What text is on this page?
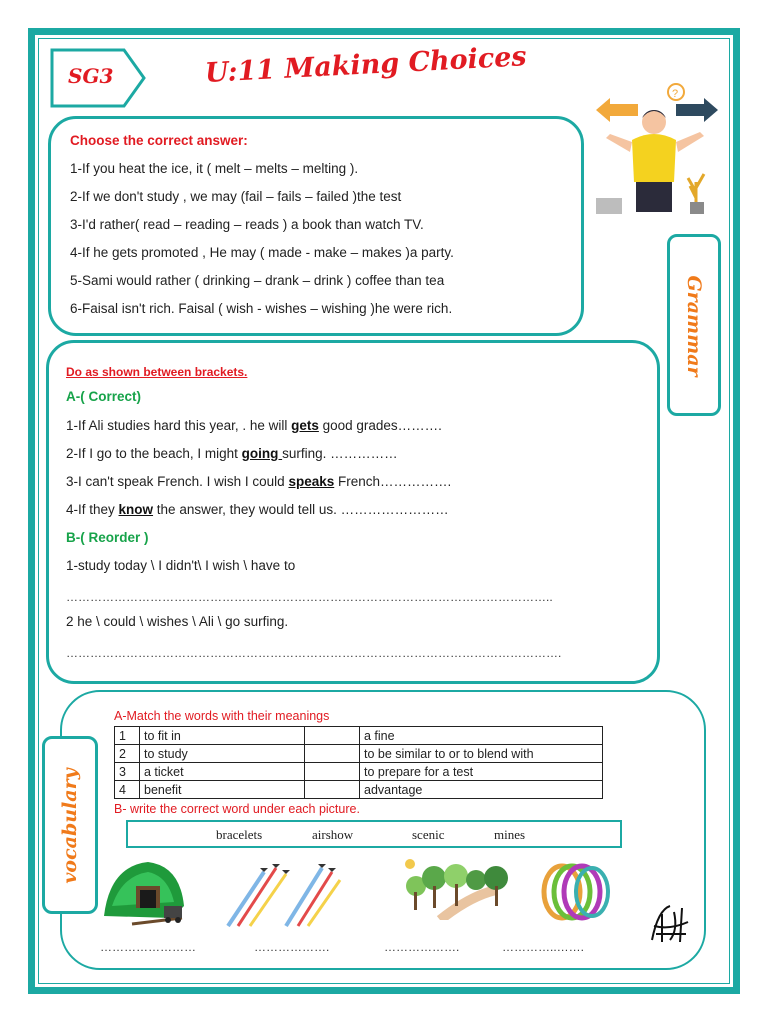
SG3	U:11 Making Choices
?
Grammar
Choose the correct answer:
1-If you heat the ice, it ( melt – melts – melting ).
2-If we don't study , we may (fail – fails – failed )the test
3-I'd rather( read – reading – reads ) a book than watch TV.
4-If he gets promoted , He may ( made - make – makes )a party.
5-Sami would rather ( drinking – drank – drink ) coffee than tea
6-Faisal isn't rich. Faisal ( wish - wishes – wishing )he were rich.
Do as shown between brackets.
A-( Correct)
1-If Ali studies hard this year, . he will gets good grades……….
2-If I go to the beach, I might going surfing. ……………
3-I can't speak French. I wish I could speaks French…………….
4-If they know the answer, they would tell us. ……………………
B-( Reorder )
1-study today \ I didn't\ I wish \ have to
…………………………………………………………………………………………………………..
2 he \ could \ wishes \ Ali \ go surfing.
…………………………………………………………………………………………………………….
vocabulary
A-Match the words with their meanings
1	to fit in		a fine
2	to study		to be similar to or to blend with
3	a ticket		to prepare for a test
4	benefit		advantage
B- write the correct word under each picture.
bracelets	airshow	scenic	mines
……………………	……………….	……………….	…………..…….
